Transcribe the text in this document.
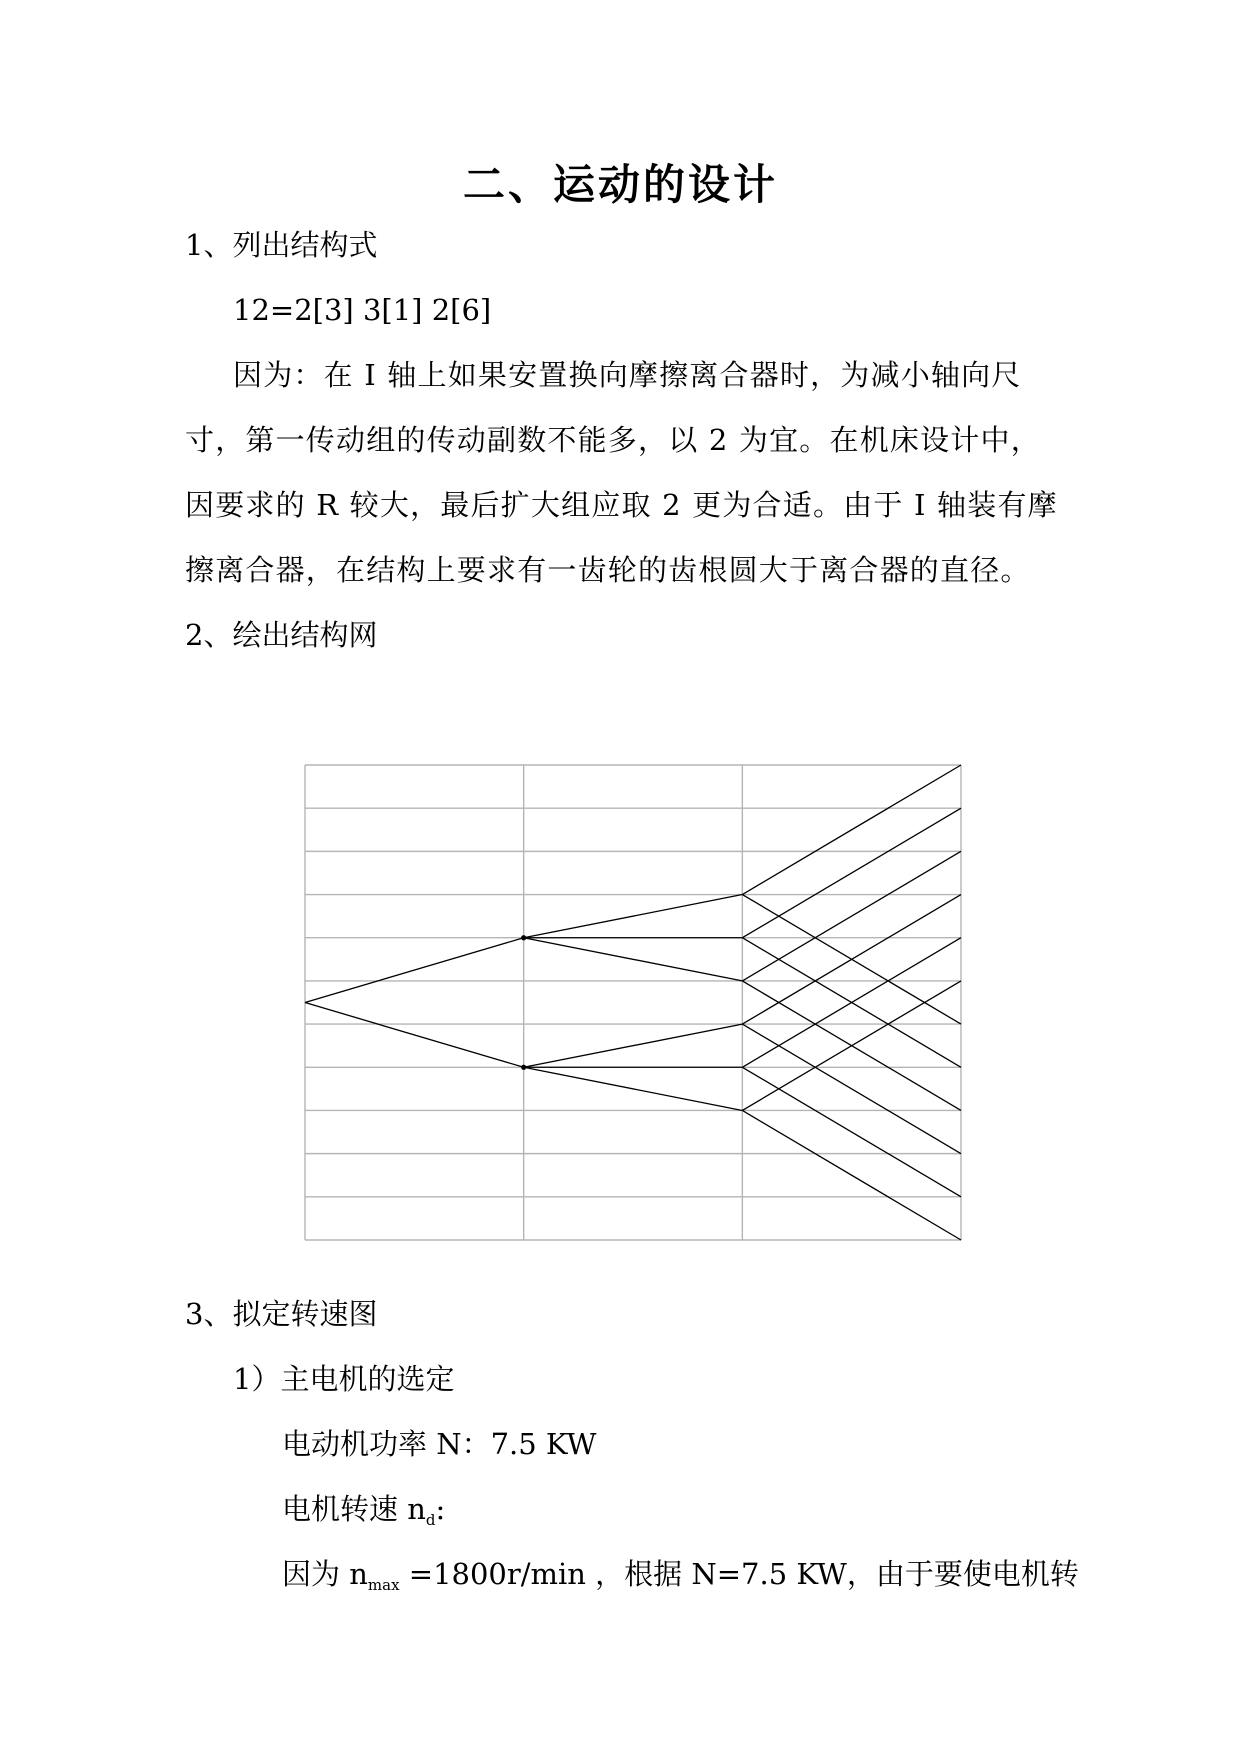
二、运动的设计
1、列出结构式
12=2[3] 3[1] 2[6]
因为：在 I 轴上如果安置换向摩擦离合器时，为减小轴向尺
寸，第一传动组的传动副数不能多，以 2 为宜。在机床设计中，
因要求的 R 较大，最后扩大组应取 2 更为合适。由于 I 轴装有摩
擦离合器，在结构上要求有一齿轮的齿根圆大于离合器的直径。
2、绘出结构网
3、拟定转速图
1）主电机的选定
电动机功率 N：7.5 KW
电机转速 $n_d$:
因为 $n_{max} =1800r/\min$ ，根据 N=7.5 KW，由于要使电机转
